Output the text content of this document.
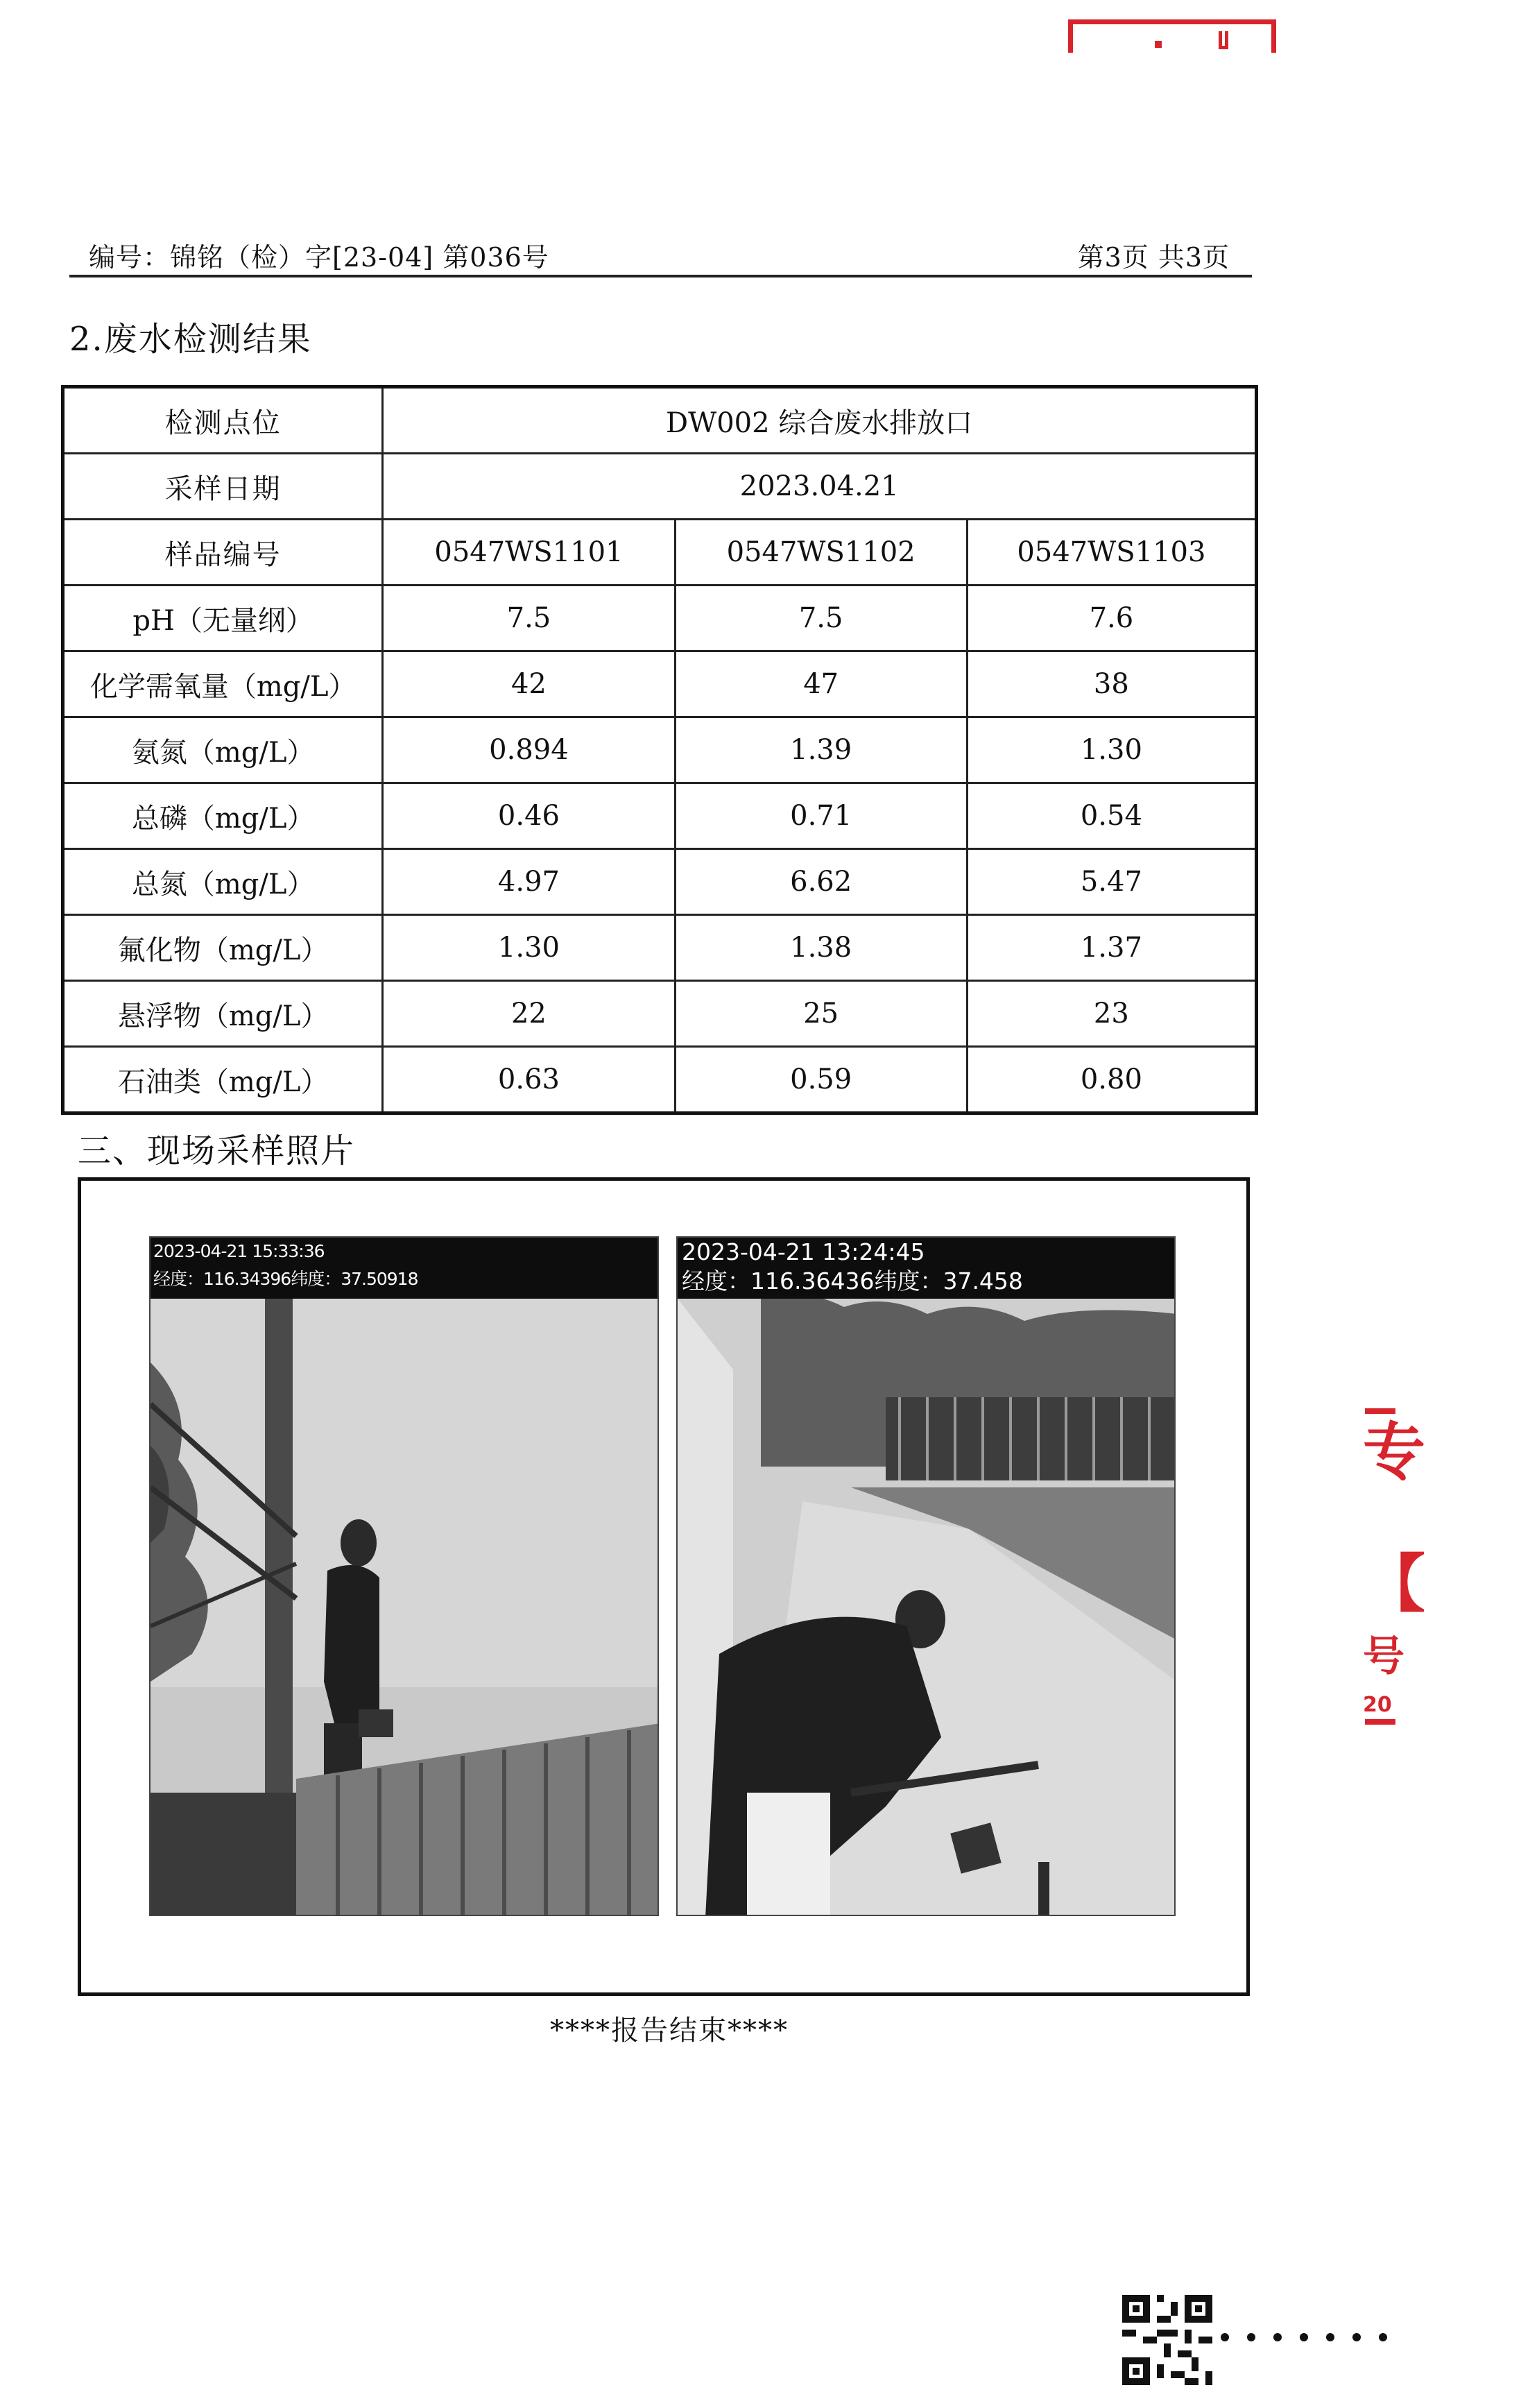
编号：锦铭（检）字[23-04] 第036号	第3页 共3页
2.废水检测结果
检测点位	DW002 综合废水排放口		
采样日期	2023.04.21		
样品编号	0547WS1101	0547WS1102	0547WS1103
pH（无量纲）	7.5	7.5	7.6
化学需氧量（mg/L）	42	47	38
氨氮（mg/L）	0.894	1.39	1.30
总磷（mg/L）	0.46	0.71	0.54
总氮（mg/L）	4.97	6.62	5.47
氟化物（mg/L）	1.30	1.38	1.37
悬浮物（mg/L）	22	25	23
石油类（mg/L）	0.63	0.59	0.80
三、现场采样照片
2023-04-21 15:33:36
经度：116.34396纬度：37.50918
2023-04-21 13:24:45
经度：116.36436纬度：37.458
****报告结束****
专
【
号
20
